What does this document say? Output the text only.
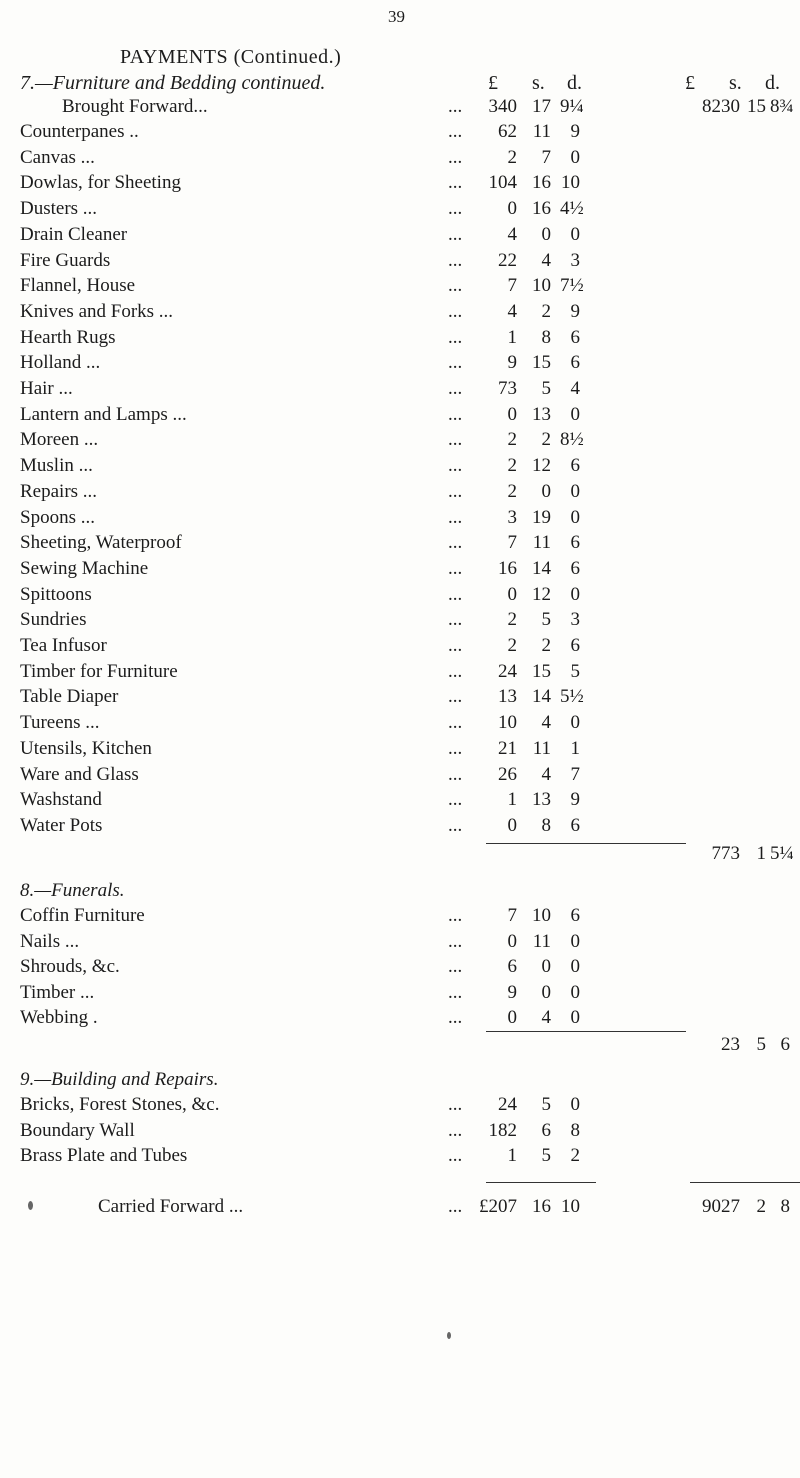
39
PAYMENTS (Continued.)
7.—Furniture and Bedding continued.	£ s. d.	£ s. d.
Brought Forward...	...	340 17 9¼	8230 15 8¾
Counterpanes ..	...	62 11	9
Canvas ...	...	2	7	0
Dowlas, for Sheeting	...	104 16 10
Dusters ...	...	0 16 4½
Drain Cleaner	...	4	0	0
Fire Guards	...	22	4	3
Flannel, House	...	7 10 7½
Knives and Forks ...	...	4	2	9
Hearth Rugs	...	1	8	6
Holland ...	...	9 15	6
Hair ...	...	73	5	4
Lantern and Lamps ...	...	0 13	0
Moreen ...	...	2	2 8½
Muslin ...	...	2 12	6
Repairs ...	...	2	0	0
Spoons ...	...	3 19	0
Sheeting, Waterproof	...	7 11	6
Sewing Machine	...	16 14	6
Spittoons	...	0 12	0
Sundries	...	2	5	3
Tea Infusor	...	2	2	6
Timber for Furniture	...	24 15	5
Table Diaper	...	13 14 5½
Tureens ...	...	10	4	0
Utensils, Kitchen	...	21 11	1
Ware and Glass	...	26	4	7
Washstand	...	1 13	9
Water Pots	...	0	8	6
773 1 5¼
8.—Funerals.
Coffin Furniture	...	7 10	6
Nails ...	...	0 11	0
Shrouds, &c.	...	6	0	0
Timber ...	...	9	0	0
Webbing .	...	0	4	0
23 5 6
9.—Building and Repairs.
Bricks, Forest Stones, &c.	...	24	5	0
Boundary Wall	...	182	6	8
Brass Plate and Tubes	...	1	5	2
Carried Forward ...	... £207 16 10	9027 2 8
